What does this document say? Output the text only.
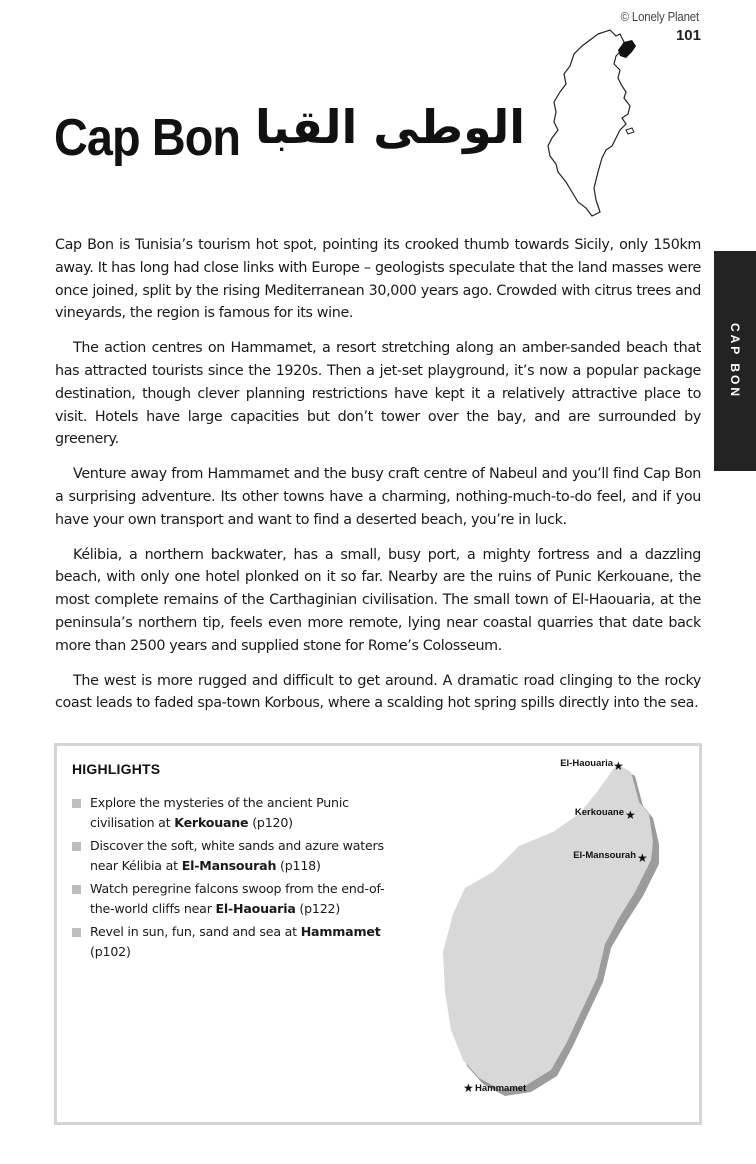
© Lonely Planet
101
Cap Bon الوطى القبا
CAP BON

Cap Bon is Tunisia’s tourism hot spot, pointing its crooked thumb towards Sicily, only 150km away. It has long had close links with Europe – geologists speculate that the land masses were once joined, split by the rising Mediterranean 30,000 years ago. Crowded with citrus trees and vineyards, the region is famous for its wine.

The action centres on Hammamet, a resort stretching along an amber-sanded beach that has attracted tourists since the 1920s. Then a jet-set playground, it’s now a popular package destination, though clever planning restrictions have kept it a relatively attractive place to visit. Hotels have large capacities but don’t tower over the bay, and are surrounded by greenery.

Venture away from Hammamet and the busy craft centre of Nabeul and you’ll find Cap Bon a surprising adventure. Its other towns have a charming, nothing-much-to-do feel, and if you have your own transport and want to find a deserted beach, you’re in luck.

Kélibia, a northern backwater, has a small, busy port, a mighty fortress and a dazzling beach, with only one hotel plonked on it so far. Nearby are the ruins of Punic Kerkouane, the most complete remains of the Carthaginian civilisation. The small town of El-Haouaria, at the peninsula’s northern tip, feels even more remote, lying near coastal quarries that date back more than 2500 years and supplied stone for Rome’s Colosseum.

The west is more rugged and difficult to get around. A dramatic road clinging to the rocky coast leads to faded spa-town Korbous, where a scalding hot spring spills directly into the sea.

HIGHLIGHTS
Explore the mysteries of the ancient Punic civilisation at Kerkouane (p120)
Discover the soft, white sands and azure waters near Kélibia at El-Mansourah (p118)
Watch peregrine falcons swoop from the end-of-the-world cliffs near El-Haouaria (p122)
Revel in sun, fun, sand and sea at Hammamet (p102)
El-Haouaria ★
Kerkouane ★
El-Mansourah ★
★ Hammamet
